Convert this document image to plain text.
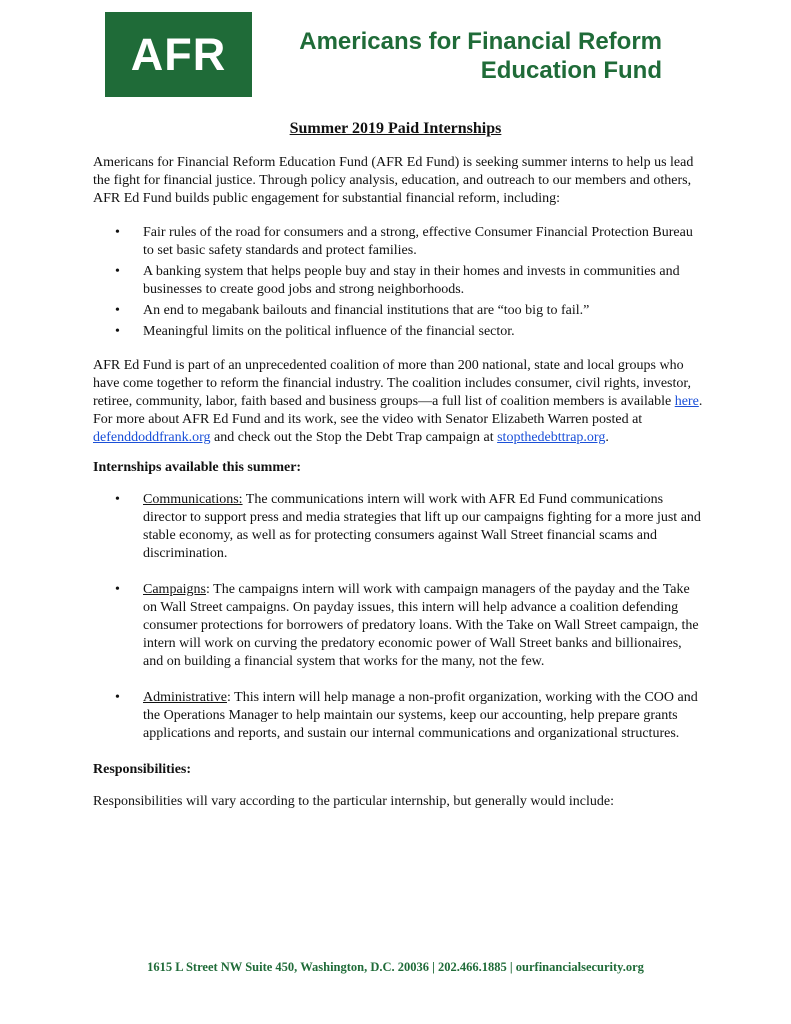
AFR	Americans for Financial Reform
Education Fund
Summer 2019 Paid Internships

Americans for Financial Reform Education Fund (AFR Ed Fund) is seeking summer interns to help us lead the fight for financial justice. Through policy analysis, education, and outreach to our members and others, AFR Ed Fund builds public engagement for substantial financial reform, including:

• Fair rules of the road for consumers and a strong, effective Consumer Financial Protection Bureau to set basic safety standards and protect families.
• A banking system that helps people buy and stay in their homes and invests in communities and businesses to create good jobs and strong neighborhoods.
• An end to megabank bailouts and financial institutions that are “too big to fail.”
• Meaningful limits on the political influence of the financial sector.

AFR Ed Fund is part of an unprecedented coalition of more than 200 national, state and local groups who have come together to reform the financial industry. The coalition includes consumer, civil rights, investor, retiree, community, labor, faith based and business groups—a full list of coalition members is available here. For more about AFR Ed Fund and its work, see the video with Senator Elizabeth Warren posted at defenddoddfrank.org and check out the Stop the Debt Trap campaign at stopthedebttrap.org.

Internships available this summer:

• Communications: The communications intern will work with AFR Ed Fund communications director to support press and media strategies that lift up our campaigns fighting for a more just and stable economy, as well as for protecting consumers against Wall Street financial scams and discrimination.
• Campaigns: The campaigns intern will work with campaign managers of the payday and the Take on Wall Street campaigns. On payday issues, this intern will help advance a coalition defending consumer protections for borrowers of predatory loans. With the Take on Wall Street campaign, the intern will work on curving the predatory economic power of Wall Street banks and billionaires, and on building a financial system that works for the many, not the few.
• Administrative: This intern will help manage a non-profit organization, working with the COO and the Operations Manager to help maintain our systems, keep our accounting, help prepare grants applications and reports, and sustain our internal communications and organizational structures.

Responsibilities:

Responsibilities will vary according to the particular internship, but generally would include:

1615 L Street NW Suite 450, Washington, D.C. 20036 | 202.466.1885 | ourfinancialsecurity.org
